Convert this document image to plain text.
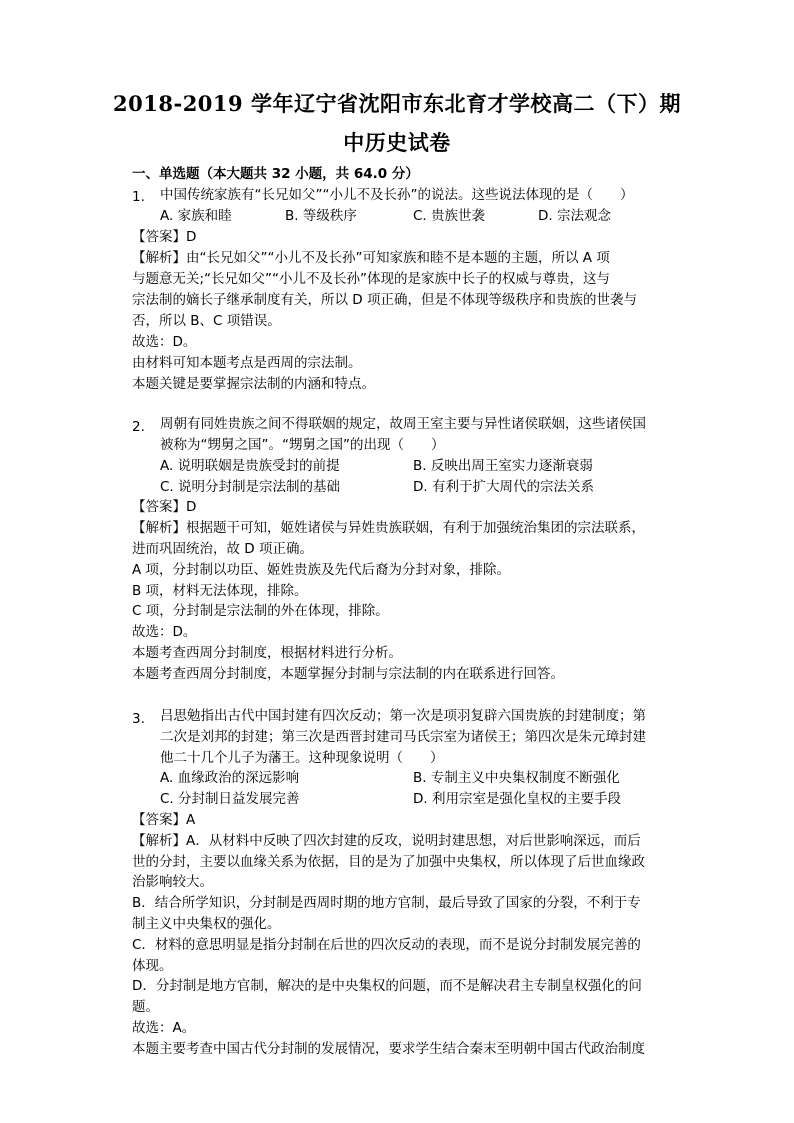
2018-2019 学年辽宁省沈阳市东北育才学校高二（下）期
中历史试卷
一、单选题（本大题共 32 小题，共 64.0 分）
1. 中国传统家族有“长兄如父”“小儿不及长孙”的说法。这些说法体现的是（　　）
A. 家族和睦	B. 等级秩序	C. 贵族世袭	D. 宗法观念
【答案】D
【解析】由“长兄如父”“小儿不及长孙”可知家族和睦不是本题的主题，所以 A 项
与题意无关;“长兄如父”“小儿不及长孙”体现的是家族中长子的权威与尊贵，这与
宗法制的嫡长子继承制度有关，所以 D 项正确，但是不体现等级秩序和贵族的世袭与
否，所以 B、C 项错误。
故选：D。
由材料可知本题考点是西周的宗法制。
本题关键是要掌握宗法制的内涵和特点。
2. 周朝有同姓贵族之间不得联姻的规定，故周王室主要与异性诸侯联姻，这些诸侯国
被称为“甥舅之国”。“甥舅之国”的出现（　　）
A. 说明联姻是贵族受封的前提	B. 反映出周王室实力逐渐衰弱
C. 说明分封制是宗法制的基础	D. 有利于扩大周代的宗法关系
【答案】D
【解析】根据题干可知，姬姓诸侯与异姓贵族联姻，有利于加强统治集团的宗法联系，
进而巩固统治，故 D 项正确。
A 项，分封制以功臣、姬姓贵族及先代后裔为分封对象，排除。
B 项，材料无法体现，排除。
C 项，分封制是宗法制的外在体现，排除。
故选：D。
本题考查西周分封制度，根据材料进行分析。
本题考查西周分封制度，本题掌握分封制与宗法制的内在联系进行回答。
3. 吕思勉指出古代中国封建有四次反动；第一次是项羽复辟六国贵族的封建制度；第
二次是刘邦的封建；第三次是西晋封建司马氏宗室为诸侯王；第四次是朱元璋封建
他二十几个儿子为藩王。这种现象说明（　　）
A. 血缘政治的深远影响	B. 专制主义中央集权制度不断强化
C. 分封制日益发展完善	D. 利用宗室是强化皇权的主要手段
【答案】A
【解析】A．从材料中反映了四次封建的反攻，说明封建思想，对后世影响深远，而后
世的分封，主要以血缘关系为依据，目的是为了加强中央集权，所以体现了后世血缘政
治影响较大。
B．结合所学知识，分封制是西周时期的地方官制，最后导致了国家的分裂，不利于专
制主义中央集权的强化。
C．材料的意思明显是指分封制在后世的四次反动的表现，而不是说分封制发展完善的
体现。
D．分封制是地方官制，解决的是中央集权的问题，而不是解决君主专制皇权强化的问
题。
故选：A。
本题主要考查中国古代分封制的发展情况，要求学生结合秦末至明朝中国古代政治制度
